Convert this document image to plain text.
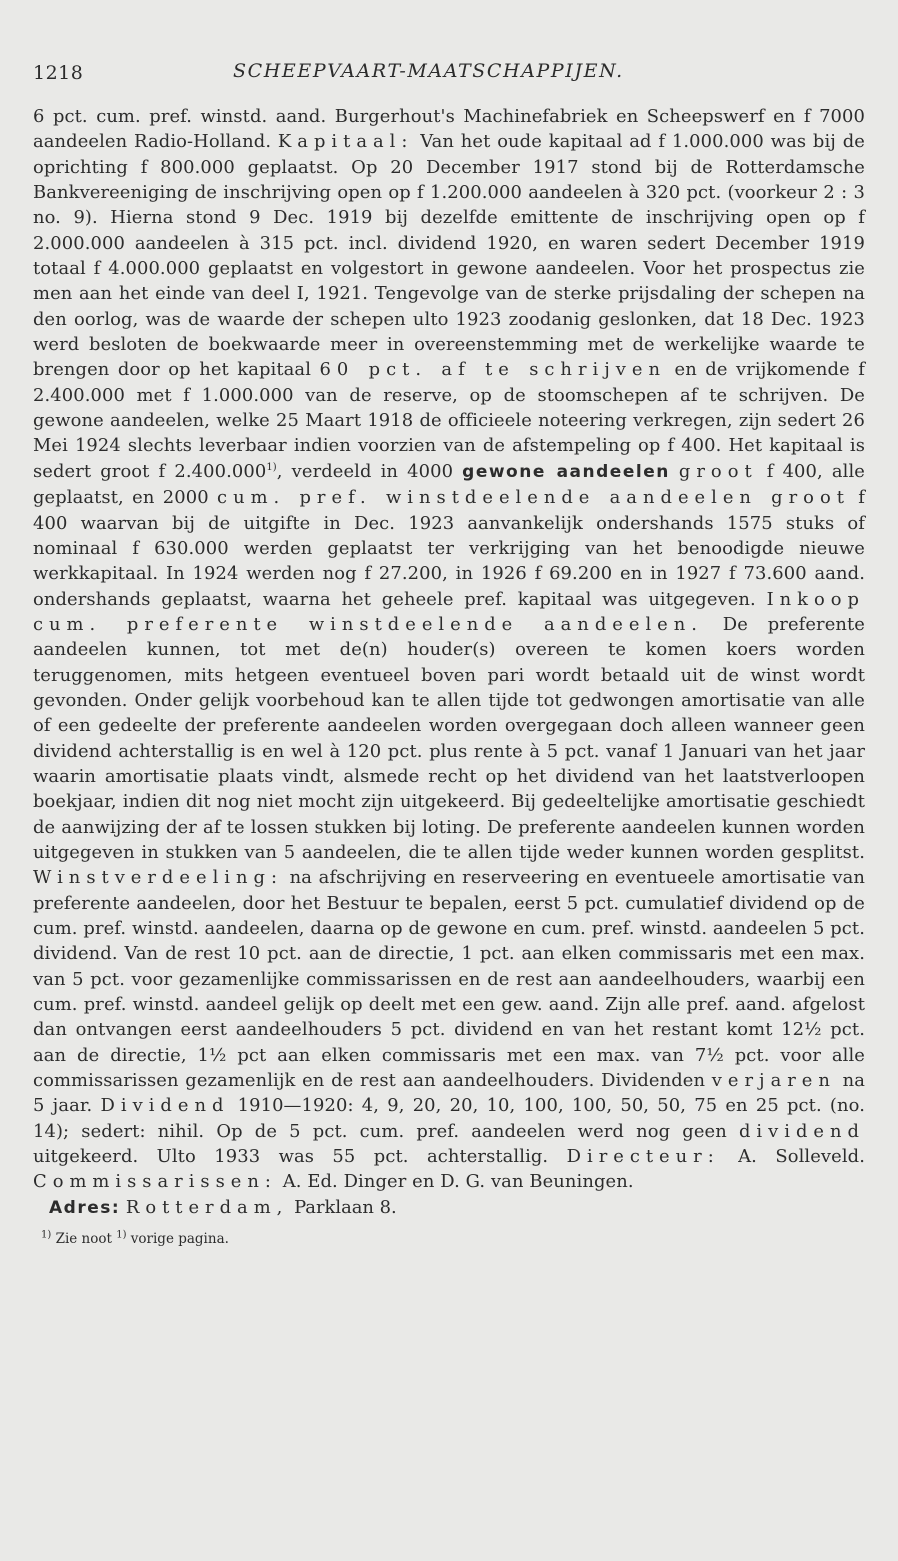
1218	SCHEEPVAART-MAATSCHAPPIJEN.
6 pct. cum. pref. winstd. aand. Burgerhout's Machinefabriek en Scheepswerf en f 7000 aandeelen Radio-Holland. Kapitaal: Van het oude kapitaal ad f 1.000.000 was bij de oprichting f 800.000 geplaatst. Op 20 December 1917 stond bij de Rotterdamsche Bankvereeniging de inschrijving open op f 1.200.000 aandeelen à 320 pct. (voorkeur 2 : 3 no. 9). Hierna stond 9 Dec. 1919 bij dezelfde emittente de inschrijving open op f 2.000.000 aandeelen à 315 pct. incl. dividend 1920, en waren sedert December 1919 totaal f 4.000.000 geplaatst en volgestort in gewone aandeelen. Voor het prospectus zie men aan het einde van deel I, 1921. Tengevolge van de sterke prijsdaling der schepen na den oorlog, was de waarde der schepen ulto 1923 zoodanig geslonken, dat 18 Dec. 1923 werd besloten de boekwaarde meer in overeenstemming met de werkelijke waarde te brengen door op het kapitaal 60 pct. af te schrijven en de vrijkomende f 2.400.000 met f 1.000.000 van de reserve, op de stoomschepen af te schrijven. De gewone aandeelen, welke 25 Maart 1918 de officieele noteering verkregen, zijn sedert 26 Mei 1924 slechts leverbaar indien voorzien van de afstempeling op f 400. Het kapitaal is sedert groot f 2.400.000$^{1)}$, verdeeld in 4000 gewone aandeelen groot f 400, alle geplaatst, en 2000 cum. pref. winstdeelende aandeelen groot f 400 waarvan bij de uitgifte in Dec. 1923 aanvankelijk ondershands 1575 stuks of nominaal f 630.000 werden geplaatst ter verkrijging van het benoodigde nieuwe werkkapitaal. In 1924 werden nog f 27.200, in 1926 f 69.200 en in 1927 f 73.600 aand. ondershands geplaatst, waarna het geheele pref. kapitaal was uitgegeven. Inkoop cum. preferente winstdeelende aandeelen. De preferente aandeelen kunnen, tot met de(n) houder(s) overeen te komen koers worden teruggenomen, mits hetgeen eventueel boven pari wordt betaald uit de winst wordt gevonden. Onder gelijk voorbehoud kan te allen tijde tot gedwongen amortisatie van alle of een gedeelte der preferente aandeelen worden overgegaan doch alleen wanneer geen dividend achterstallig is en wel à 120 pct. plus rente à 5 pct. vanaf 1 Januari van het jaar waarin amortisatie plaats vindt, alsmede recht op het dividend van het laatstverloopen boekjaar, indien dit nog niet mocht zijn uitgekeerd. Bij gedeeltelijke amortisatie geschiedt de aanwijzing der af te lossen stukken bij loting. De preferente aandeelen kunnen worden uitgegeven in stukken van 5 aandeelen, die te allen tijde weder kunnen worden gesplitst. Winstverdeeling: na afschrijving en reserveering en eventueele amortisatie van preferente aandeelen, door het Bestuur te bepalen, eerst 5 pct. cumulatief dividend op de cum. pref. winstd. aandeelen, daarna op de gewone en cum. pref. winstd. aandeelen 5 pct. dividend. Van de rest 10 pct. aan de directie, 1 pct. aan elken commissaris met een max. van 5 pct. voor gezamenlijke commissarissen en de rest aan aandeelhouders, waarbij een cum. pref. winstd. aandeel gelijk op deelt met een gew. aand. Zijn alle pref. aand. afgelost dan ontvangen eerst aandeelhouders 5 pct. dividend en van het restant komt 12½ pct. aan de directie, 1½ pct aan elken commissaris met een max. van 7½ pct. voor alle commissarissen gezamenlijk en de rest aan aandeelhouders. Dividenden verjaren na 5 jaar. Dividend 1910—1920: 4, 9, 20, 20, 10, 100, 100, 50, 50, 75 en 25 pct. (no. 14); sedert: nihil. Op de 5 pct. cum. pref. aandeelen werd nog geen dividend uitgekeerd. Ulto 1933 was 55 pct. achterstallig. Directeur: A. Solleveld. Commissarissen: A. Ed. Dinger en D. G. van Beuningen.
Adres: Rotterdam, Parklaan 8.
$^{1)}$ Zie noot $^{1)}$ vorige pagina.
